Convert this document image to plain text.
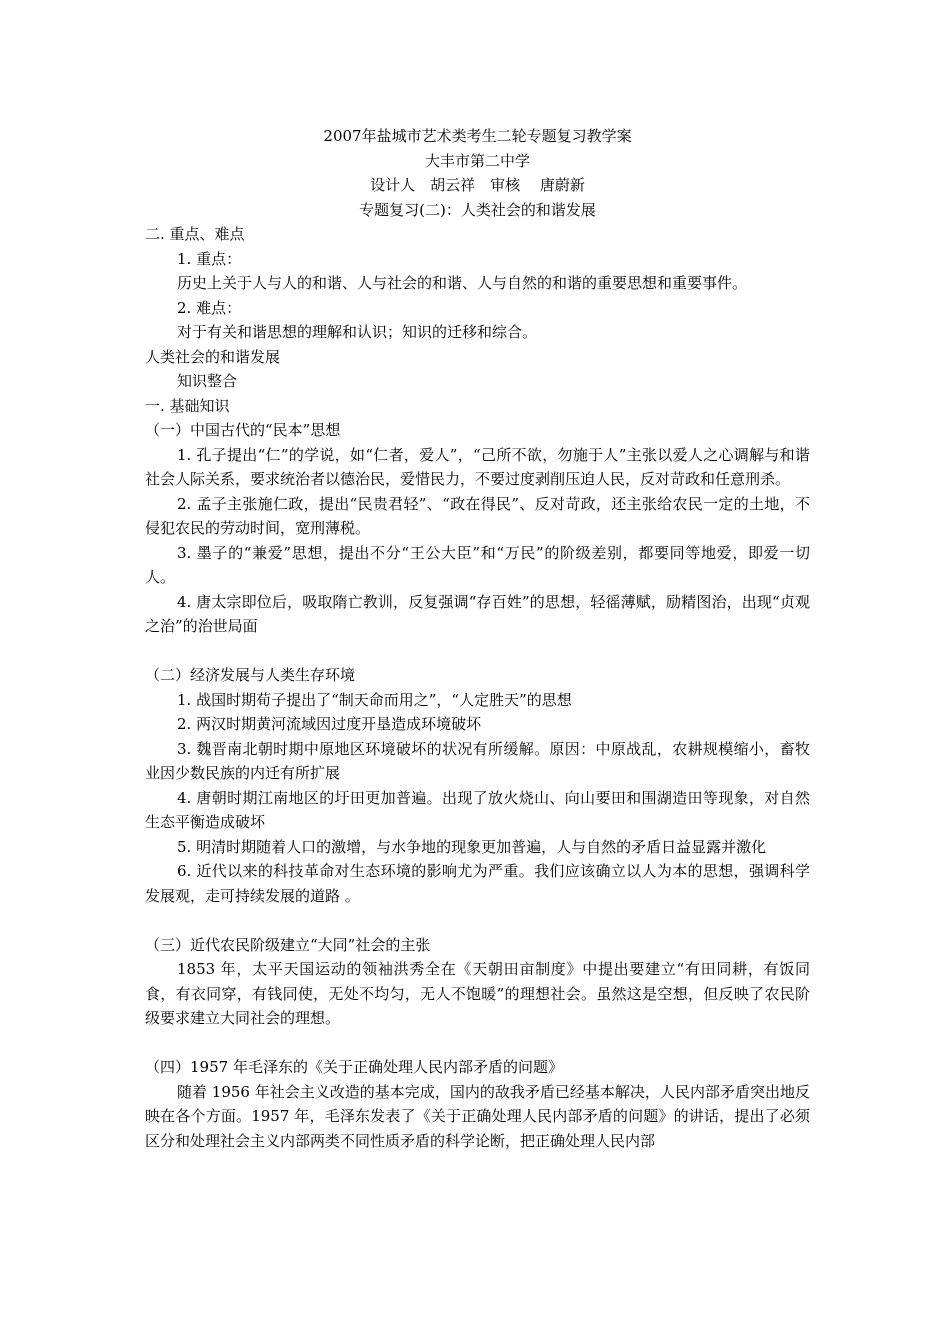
2007年盐城市艺术类考生二轮专题复习教学案

大丰市第二中学

设计人　胡云祥　审核　 唐蔚新

专题复习(二)：人类社会的和谐发展

二. 重点、难点

1. 重点：

历史上关于人与人的和谐、人与社会的和谐、人与自然的和谐的重要思想和重要事件。

2. 难点：

对于有关和谐思想的理解和认识；知识的迁移和综合。

人类社会的和谐发展

知识整合

一. 基础知识

（一）中国古代的“民本”思想

1. 孔子提出“仁”的学说，如“仁者，爱人”，“己所不欲，勿施于人”主张以爱人之心调解与和谐社会人际关系，要求统治者以德治民，爱惜民力，不要过度剥削压迫人民，反对苛政和任意刑杀。

2. 孟子主张施仁政，提出“民贵君轻”、“政在得民”、反对苛政，还主张给农民一定的土地，不侵犯农民的劳动时间，宽刑薄税。

3. 墨子的“兼爱”思想，提出不分“王公大臣”和“万民”的阶级差别，都要同等地爱，即爱一切人。

4. 唐太宗即位后，吸取隋亡教训，反复强调“存百姓”的思想，轻徭薄赋，励精图治，出现“贞观之治”的治世局面

（二）经济发展与人类生存环境

1. 战国时期荀子提出了“制天命而用之”，“人定胜天”的思想

2. 两汉时期黄河流域因过度开垦造成环境破坏

3. 魏晋南北朝时期中原地区环境破坏的状况有所缓解。原因：中原战乱，农耕规模缩小，畜牧业因少数民族的内迁有所扩展

4. 唐朝时期江南地区的圩田更加普遍。出现了放火烧山、向山要田和围湖造田等现象，对自然生态平衡造成破坏

5. 明清时期随着人口的激增，与水争地的现象更加普遍，人与自然的矛盾日益显露并激化

6. 近代以来的科技革命对生态环境的影响尤为严重。我们应该确立以人为本的思想，强调科学发展观，走可持续发展的道路 。

（三）近代农民阶级建立“大同”社会的主张

1853 年，太平天国运动的领袖洪秀全在《天朝田亩制度》中提出要建立“有田同耕，有饭同食，有衣同穿，有钱同使，无处不均匀，无人不饱暖”的理想社会。虽然这是空想，但反映了农民阶级要求建立大同社会的理想。

（四）1957 年毛泽东的《关于正确处理人民内部矛盾的问题》

随着 1956 年社会主义改造的基本完成，国内的敌我矛盾已经基本解决，人民内部矛盾突出地反映在各个方面。1957 年，毛泽东发表了《关于正确处理人民内部矛盾的问题》的讲话，提出了必须区分和处理社会主义内部两类不同性质矛盾的科学论断，把正确处理人民内部
